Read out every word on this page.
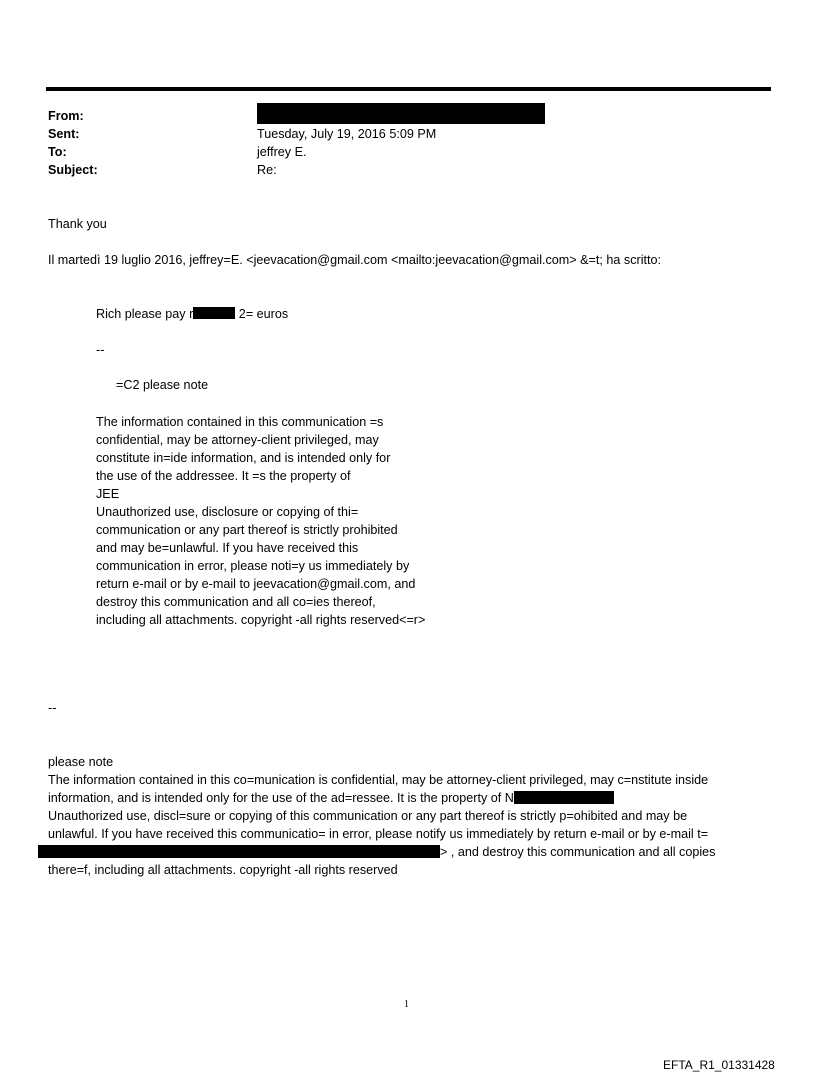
From:
Sent:
To:
Subject:
Tuesday, July 19, 2016 5:09 PM
jeffrey E.
Re:
Thank you
Il martedì 19 luglio 2016, jeffrey=E. <jeevacation@gmail.com <mailto:jeevacation@gmail.com> &=t; ha scritto:
Rich please pay r	2= euros
--
=C2 please note
The information contained in this communication =s
confidential, may be attorney-client privileged, may
constitute in=ide information, and is intended only for
the use of the addressee. It =s the property of
JEE
Unauthorized use, disclosure or copying of thi=
communication or any part thereof is strictly prohibited
and may be=unlawful. If you have received this
communication in error, please noti=y us immediately by
return e-mail or by e-mail to jeevacation@gmail.com, and
destroy this communication and all co=ies thereof,
including all attachments. copyright -all rights reserved<=r>
--
please note
The information contained in this co=munication is confidential, may be attorney-client privileged, may c=nstitute inside
information, and is intended only for the use of the ad=ressee. It is the property of N
Unauthorized use, discl=sure or copying of this communication or any part thereof is strictly p=ohibited and may be
unlawful. If you have received this communicatio= in error, please notify us immediately by return e-mail or by e-mail t=
> , and destroy this communication and all copies
there=f, including all attachments. copyright -all rights reserved
1
EFTA_R1_01331428
